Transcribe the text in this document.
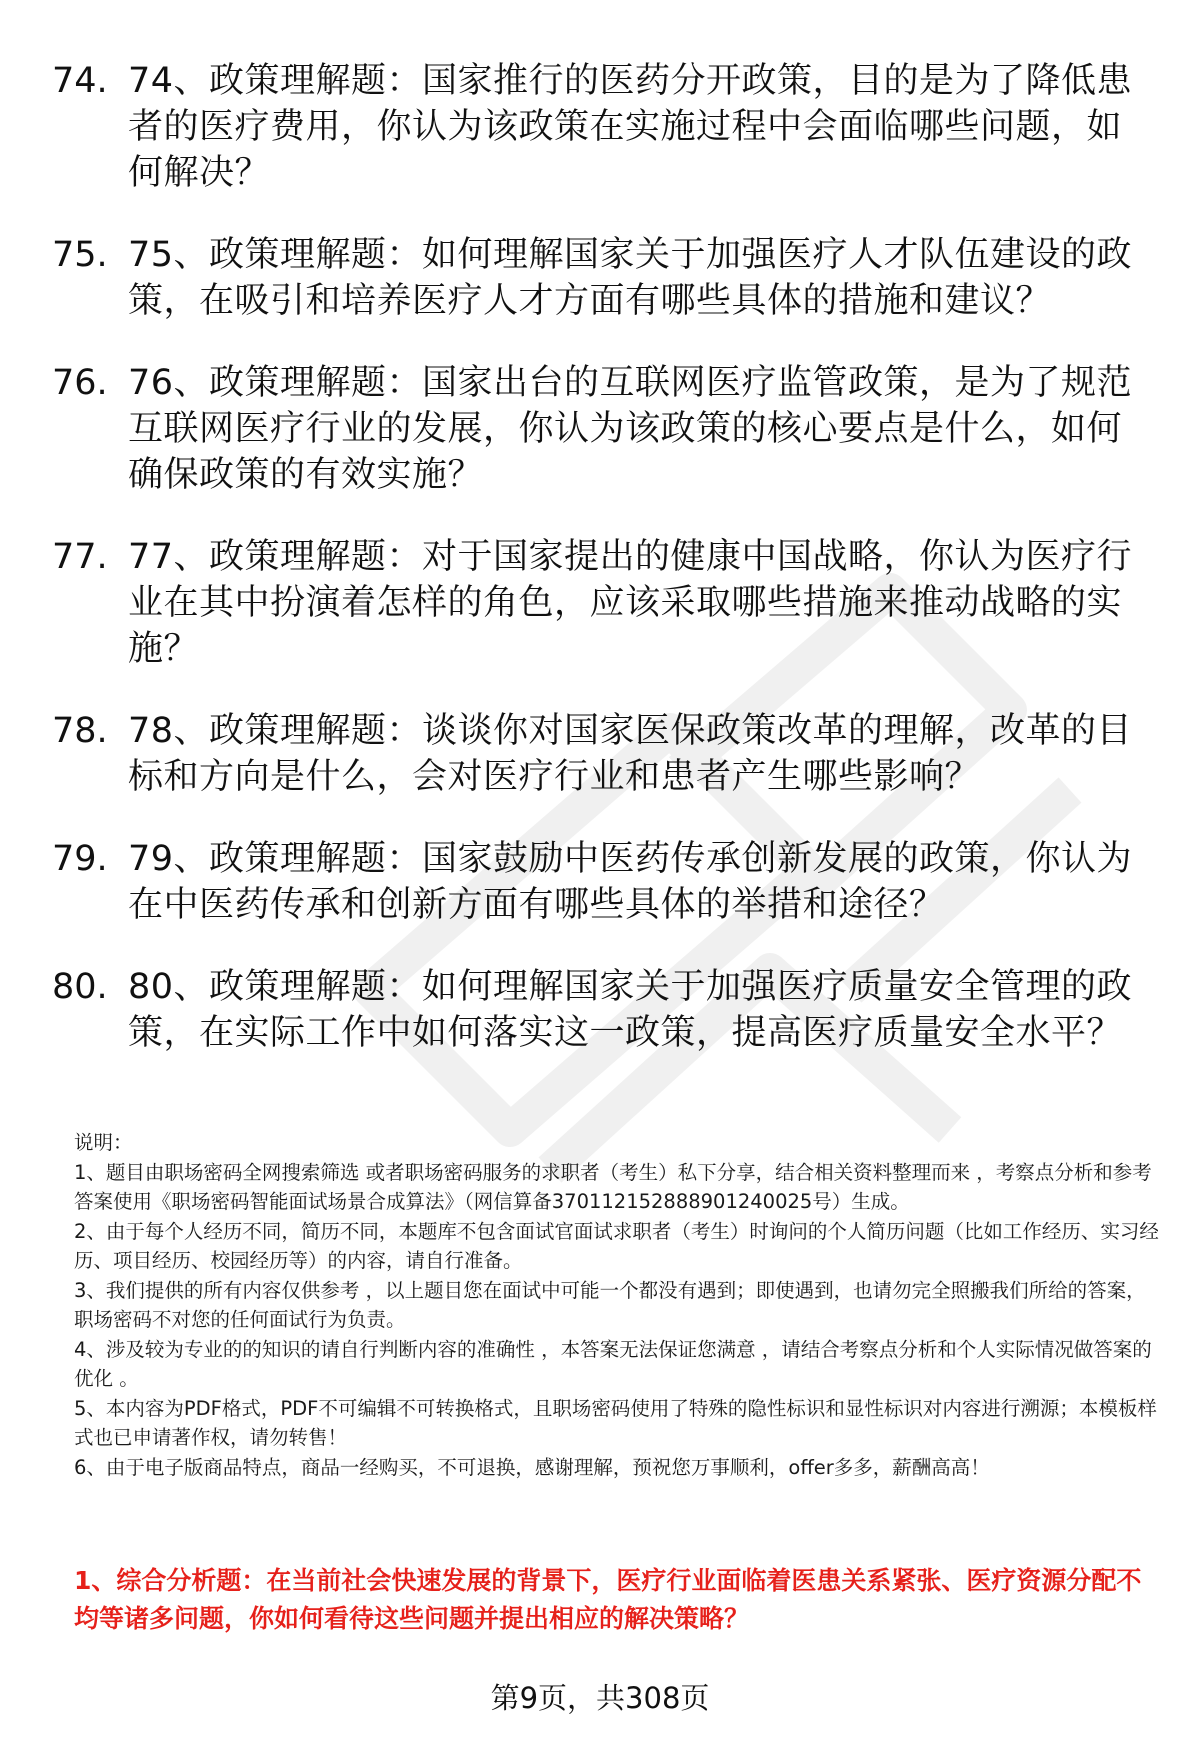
74. 74、政策理解题：国家推行的医药分开政策，目的是为了降低患者的医疗费用，你认为该政策在实施过程中会面临哪些问题，如何解决？
75. 75、政策理解题：如何理解国家关于加强医疗人才队伍建设的政策，在吸引和培养医疗人才方面有哪些具体的措施和建议？
76. 76、政策理解题：国家出台的互联网医疗监管政策，是为了规范互联网医疗行业的发展，你认为该政策的核心要点是什么，如何确保政策的有效实施？
77. 77、政策理解题：对于国家提出的健康中国战略，你认为医疗行业在其中扮演着怎样的角色，应该采取哪些措施来推动战略的实施？
78. 78、政策理解题：谈谈你对国家医保政策改革的理解，改革的目标和方向是什么，会对医疗行业和患者产生哪些影响？
79. 79、政策理解题：国家鼓励中医药传承创新发展的政策，你认为在中医药传承和创新方面有哪些具体的举措和途径？
80. 80、政策理解题：如何理解国家关于加强医疗质量安全管理的政策，在实际工作中如何落实这一政策，提高医疗质量安全水平？
说明：
1、题目由职场密码全网搜索筛选 或者职场密码服务的求职者（考生）私下分享，结合相关资料整理而来 ，考察点分析和参考答案使用《职场密码智能面试场景合成算法》（网信算备370112152888901240025号）生成。
2、由于每个人经历不同，简历不同，本题库不包含面试官面试求职者（考生）时询问的个人简历问题（比如工作经历、实习经历、项目经历、校园经历等）的内容，请自行准备。
3、我们提供的所有内容仅供参考 ，以上题目您在面试中可能一个都没有遇到；即使遇到，也请勿完全照搬我们所给的答案，职场密码不对您的任何面试行为负责。
4、涉及较为专业的的知识的请自行判断内容的准确性 ，本答案无法保证您满意 ，请结合考察点分析和个人实际情况做答案的优化 。
5、本内容为PDF格式，PDF不可编辑不可转换格式，且职场密码使用了特殊的隐性标识和显性标识对内容进行溯源；本模板样式也已申请著作权，请勿转售！
6、由于电子版商品特点，商品一经购买，不可退换，感谢理解，预祝您万事顺利，offer多多，薪酬高高！
1、综合分析题：在当前社会快速发展的背景下，医疗行业面临着医患关系紧张、医疗资源分配不均等诸多问题，你如何看待这些问题并提出相应的解决策略？
第9页，共308页
